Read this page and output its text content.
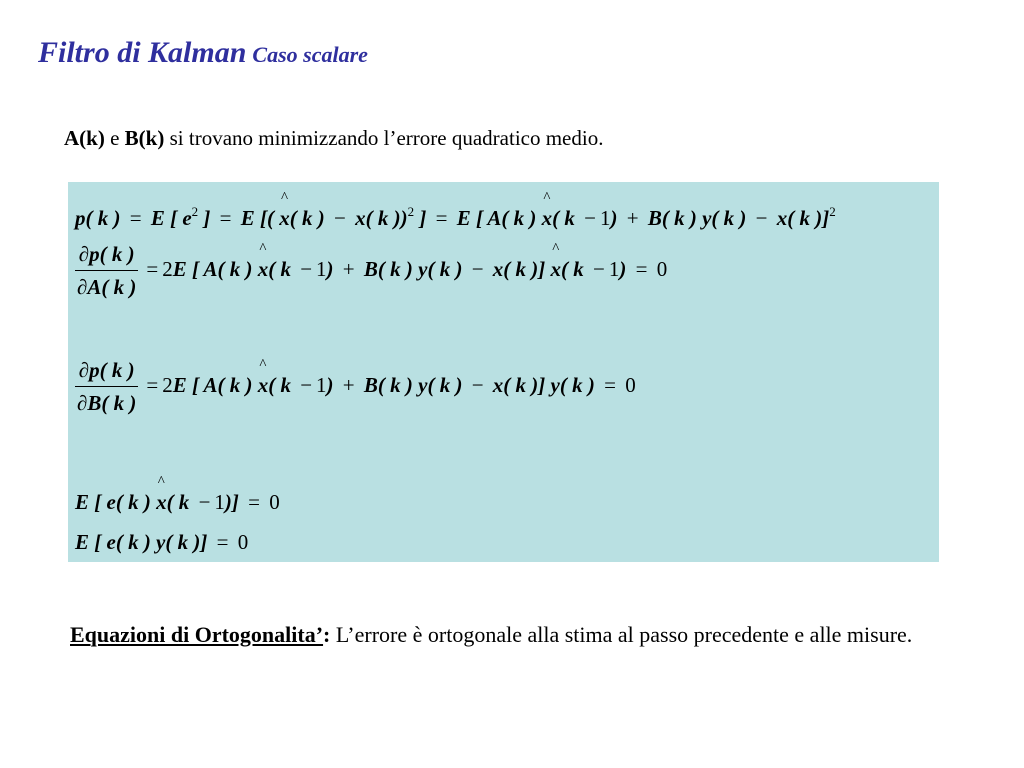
Filtro di Kalman Caso scalare
A(k) e B(k) si trovano minimizzando l’errore quadratico medio.
p( k ) = E [ $e^2$ ] = E [( ^ x( k ) − x( k ))$^2$ ] = E [ A( k ) ^ x( k − 1) + B( k ) y( k ) − x( k )]$^2$
$\frac{\partial p( k )}{\partial A( k )} = 2E$ [ A( k ) ^ x( k − 1) + B( k ) y( k ) − x( k )] ^ x( k − 1) = 0
$\frac{\partial p( k )}{\partial B( k )} = 2E$ [ A( k ) ^ x( k − 1) + B( k ) y( k ) − x( k )] y( k ) = 0
E [ e( k ) ^ x( k − 1)] = 0
E [ e( k ) y( k )] = 0
Equazioni di Ortogonalita’: L’errore è ortogonale alla stima al passo precedente e alle misure.
